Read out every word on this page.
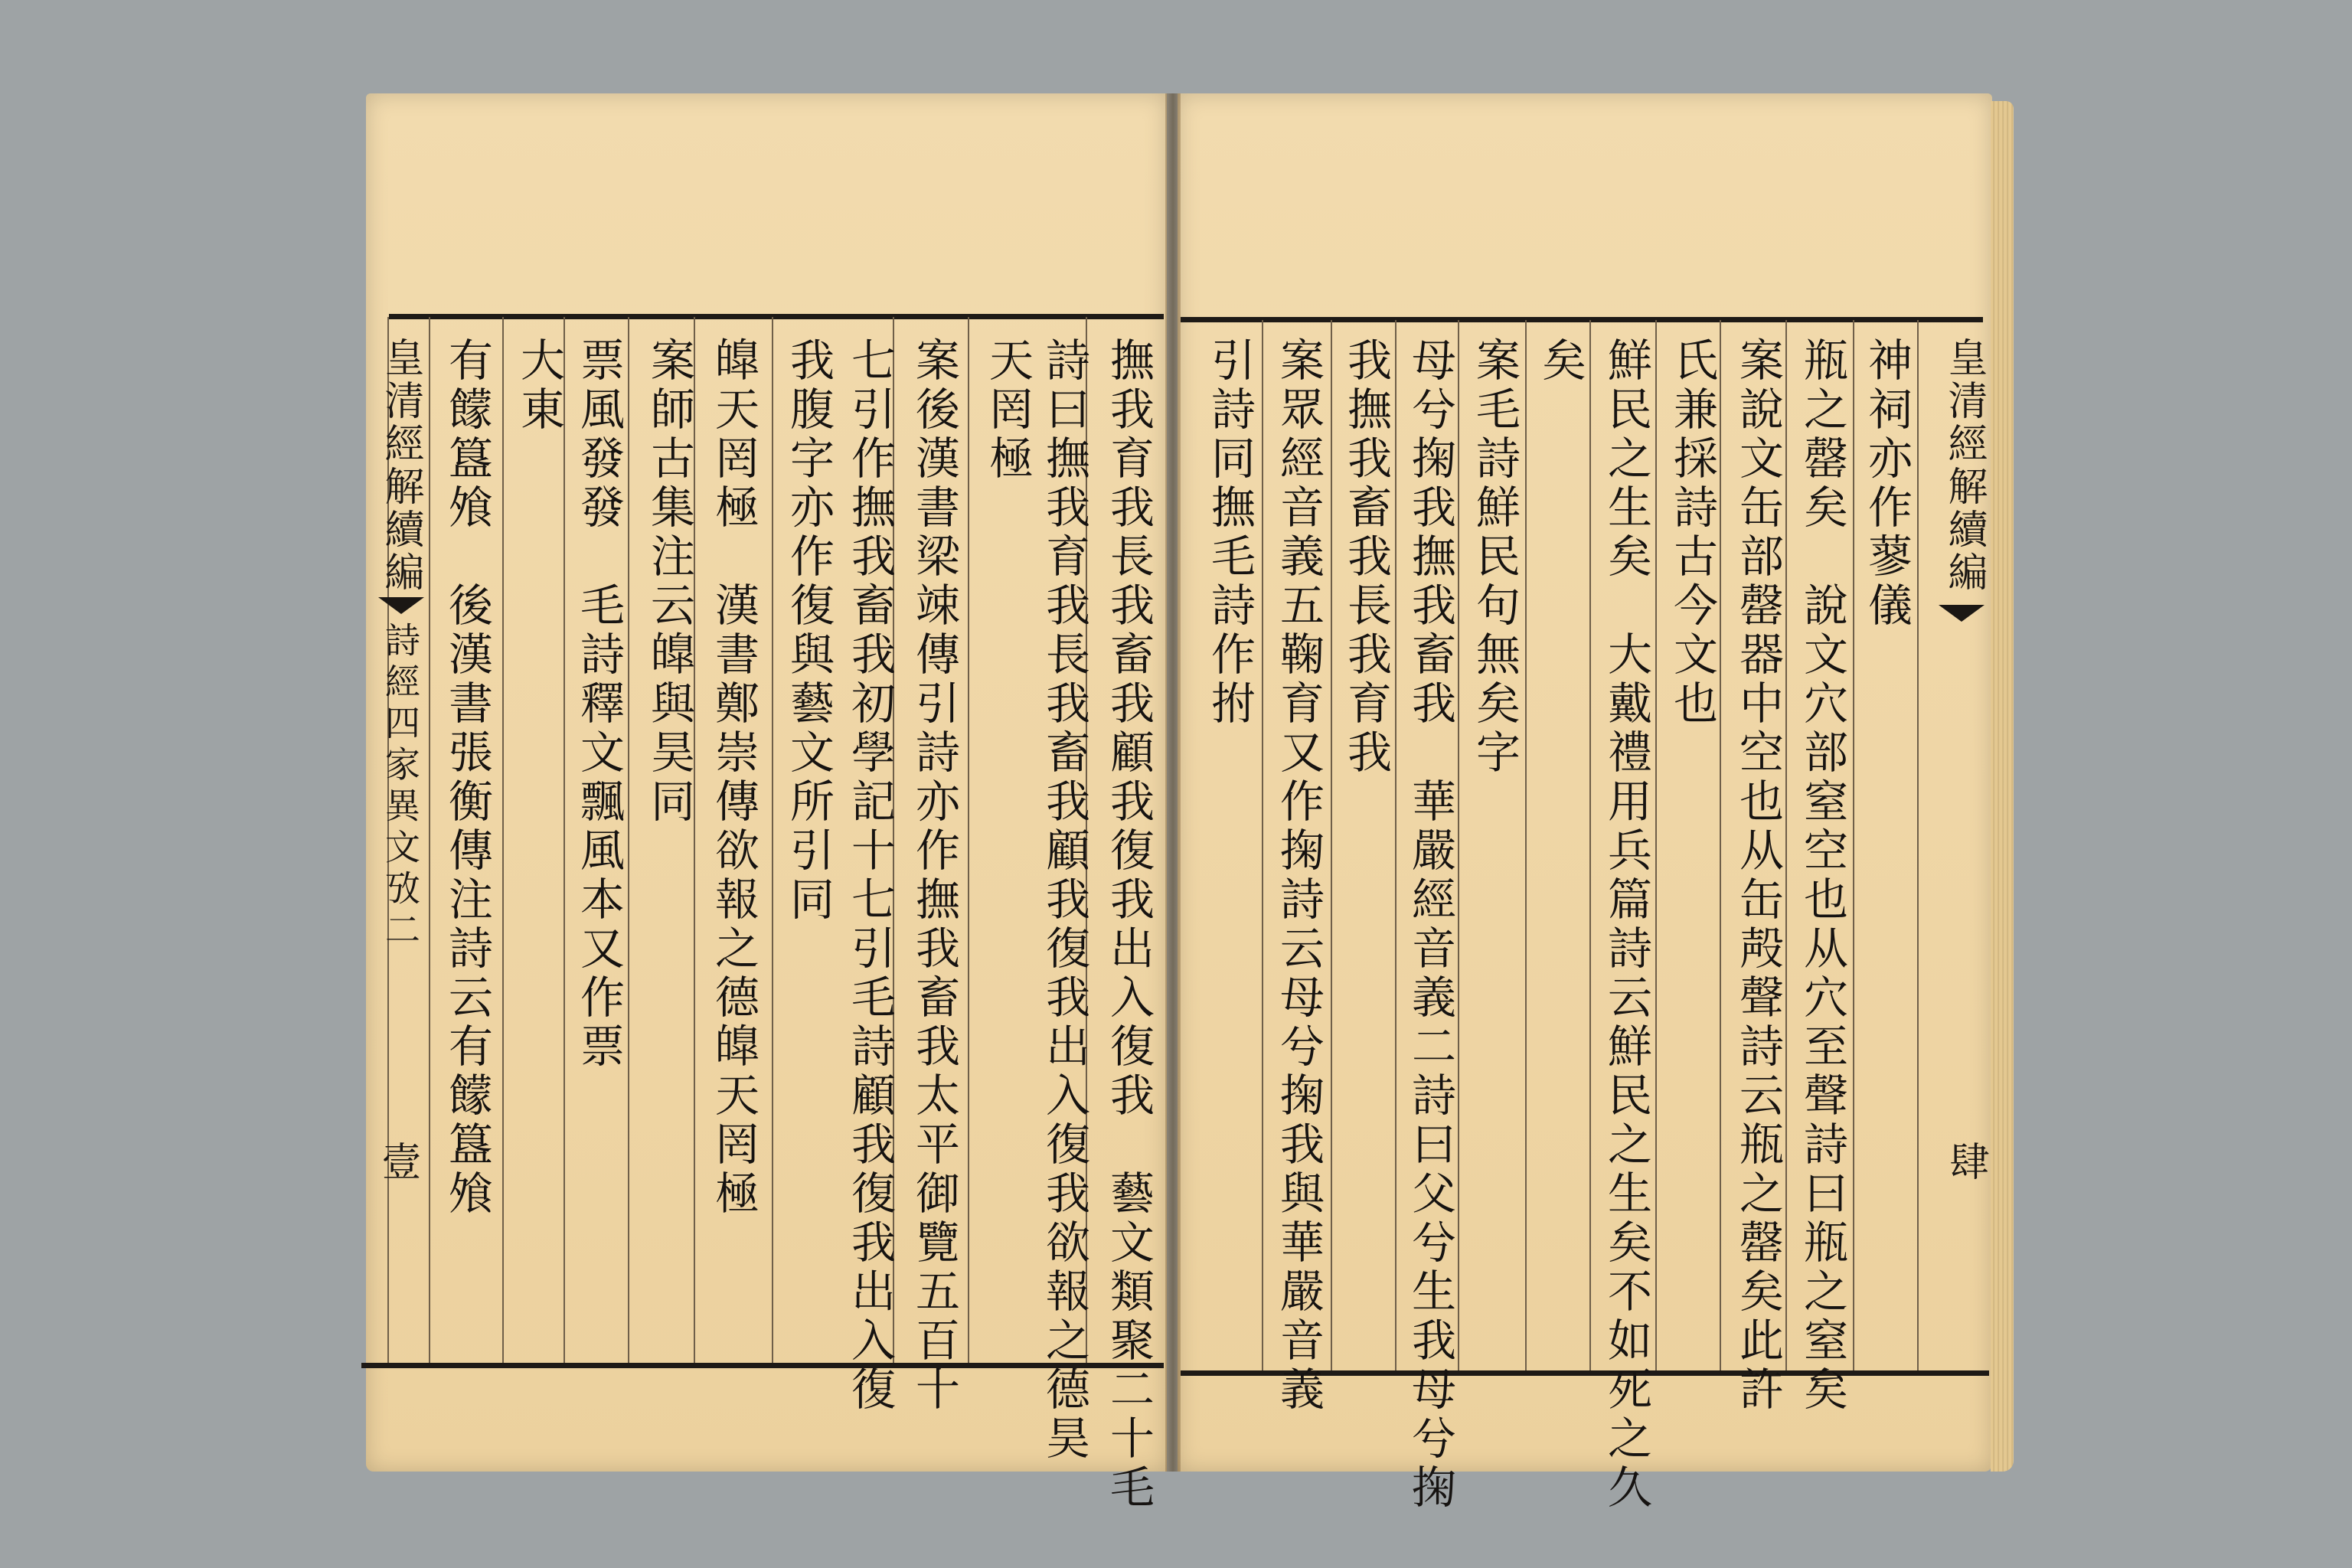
撫我育我長我畜我顧我復我出入復我　藝文類聚二十毛
詩曰撫我育我長我畜我顧我復我出入復我欲報之德昊
天罔極
案後漢書梁竦傳引詩亦作撫我畜我太平御覽五百十
七引作撫我畜我初學記十七引毛詩顧我復我出入復
我腹字亦作復與藝文所引同
皥天罔極　漢書鄭崇傳欲報之德皥天罔極
案師古集注云皥與昊同
票風發發　毛詩釋文飄風本又作票
大東
有饛簋飧　後漢書張衡傳注詩云有饛簋飧
皇清經解續編
詩經四家異文攷二
壹
神祠亦作蓼儀
瓶之罄矣　說文穴部窒空也从穴至聲詩曰瓶之窒矣
案說文缶部罄器中空也从缶殸聲詩云瓶之罄矣此許
氏兼採詩古今文也
鮮民之生矣　大戴禮用兵篇詩云鮮民之生矣不如死之久
矣
案毛詩鮮民句無矣字
母兮掬我撫我畜我　華嚴經音義二詩曰父兮生我母兮掬
我撫我畜我長我育我
案眾經音義五鞠育又作掬詩云母兮掬我與華嚴音義
引詩同撫毛詩作拊	皇清經解續編
肆
